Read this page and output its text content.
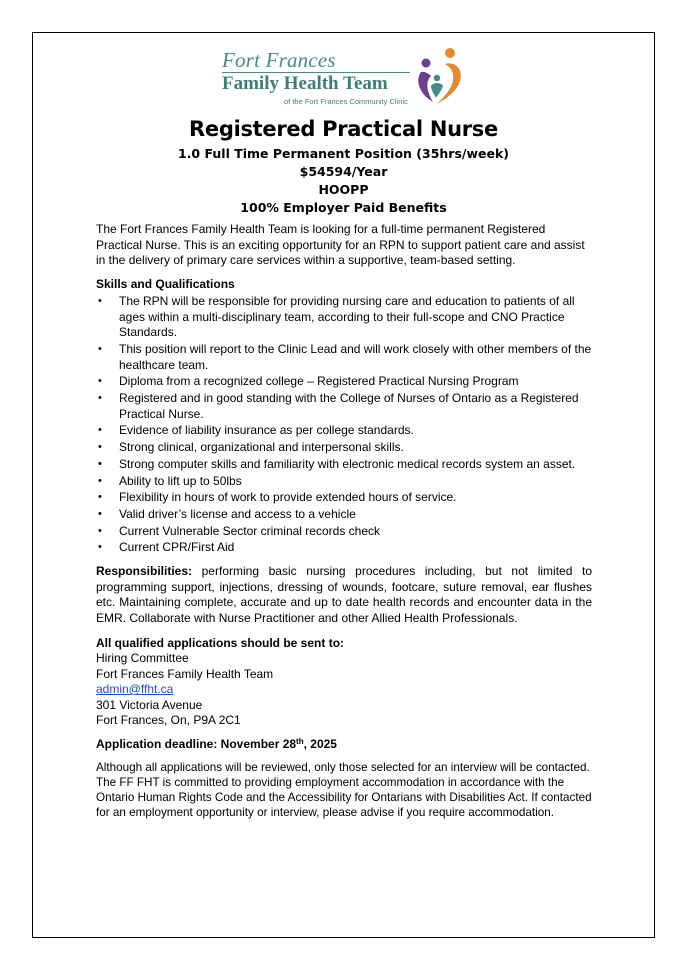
Fort Frances
Family Health Team
of the Fort Frances Community Clinic
Registered Practical Nurse
1.0 Full Time Permanent Position (35hrs/week)
$54594/Year
HOOPP
100% Employer Paid Benefits

The Fort Frances Family Health Team is looking for a full-time permanent Registered Practical Nurse. This is an exciting opportunity for an RPN to support patient care and assist in the delivery of primary care services within a supportive, team-based setting.

Skills and Qualifications

• The RPN will be responsible for providing nursing care and education to patients of all ages within a multi-disciplinary team, according to their full-scope and CNO Practice Standards.
• This position will report to the Clinic Lead and will work closely with other members of the healthcare team.
• Diploma from a recognized college – Registered Practical Nursing Program
• Registered and in good standing with the College of Nurses of Ontario as a Registered Practical Nurse.
• Evidence of liability insurance as per college standards.
• Strong clinical, organizational and interpersonal skills.
• Strong computer skills and familiarity with electronic medical records system an asset.
• Ability to lift up to 50lbs
• Flexibility in hours of work to provide extended hours of service.
• Valid driver’s license and access to a vehicle
• Current Vulnerable Sector criminal records check
• Current CPR/First Aid

Responsibilities: performing basic nursing procedures including, but not limited to programming support, injections, dressing of wounds, footcare, suture removal, ear flushes etc. Maintaining complete, accurate and up to date health records and encounter data in the EMR. Collaborate with Nurse Practitioner and other Allied Health Professionals.

All qualified applications should be sent to:

Hiring Committee

Fort Frances Family Health Team

admin@ffht.ca

301 Victoria Avenue

Fort Frances, On, P9A 2C1

Application deadline: November 28th, 2025

Although all applications will be reviewed, only those selected for an interview will be contacted. The FF FHT is committed to providing employment accommodation in accordance with the Ontario Human Rights Code and the Accessibility for Ontarians with Disabilities Act. If contacted for an employment opportunity or interview, please advise if you require accommodation.
